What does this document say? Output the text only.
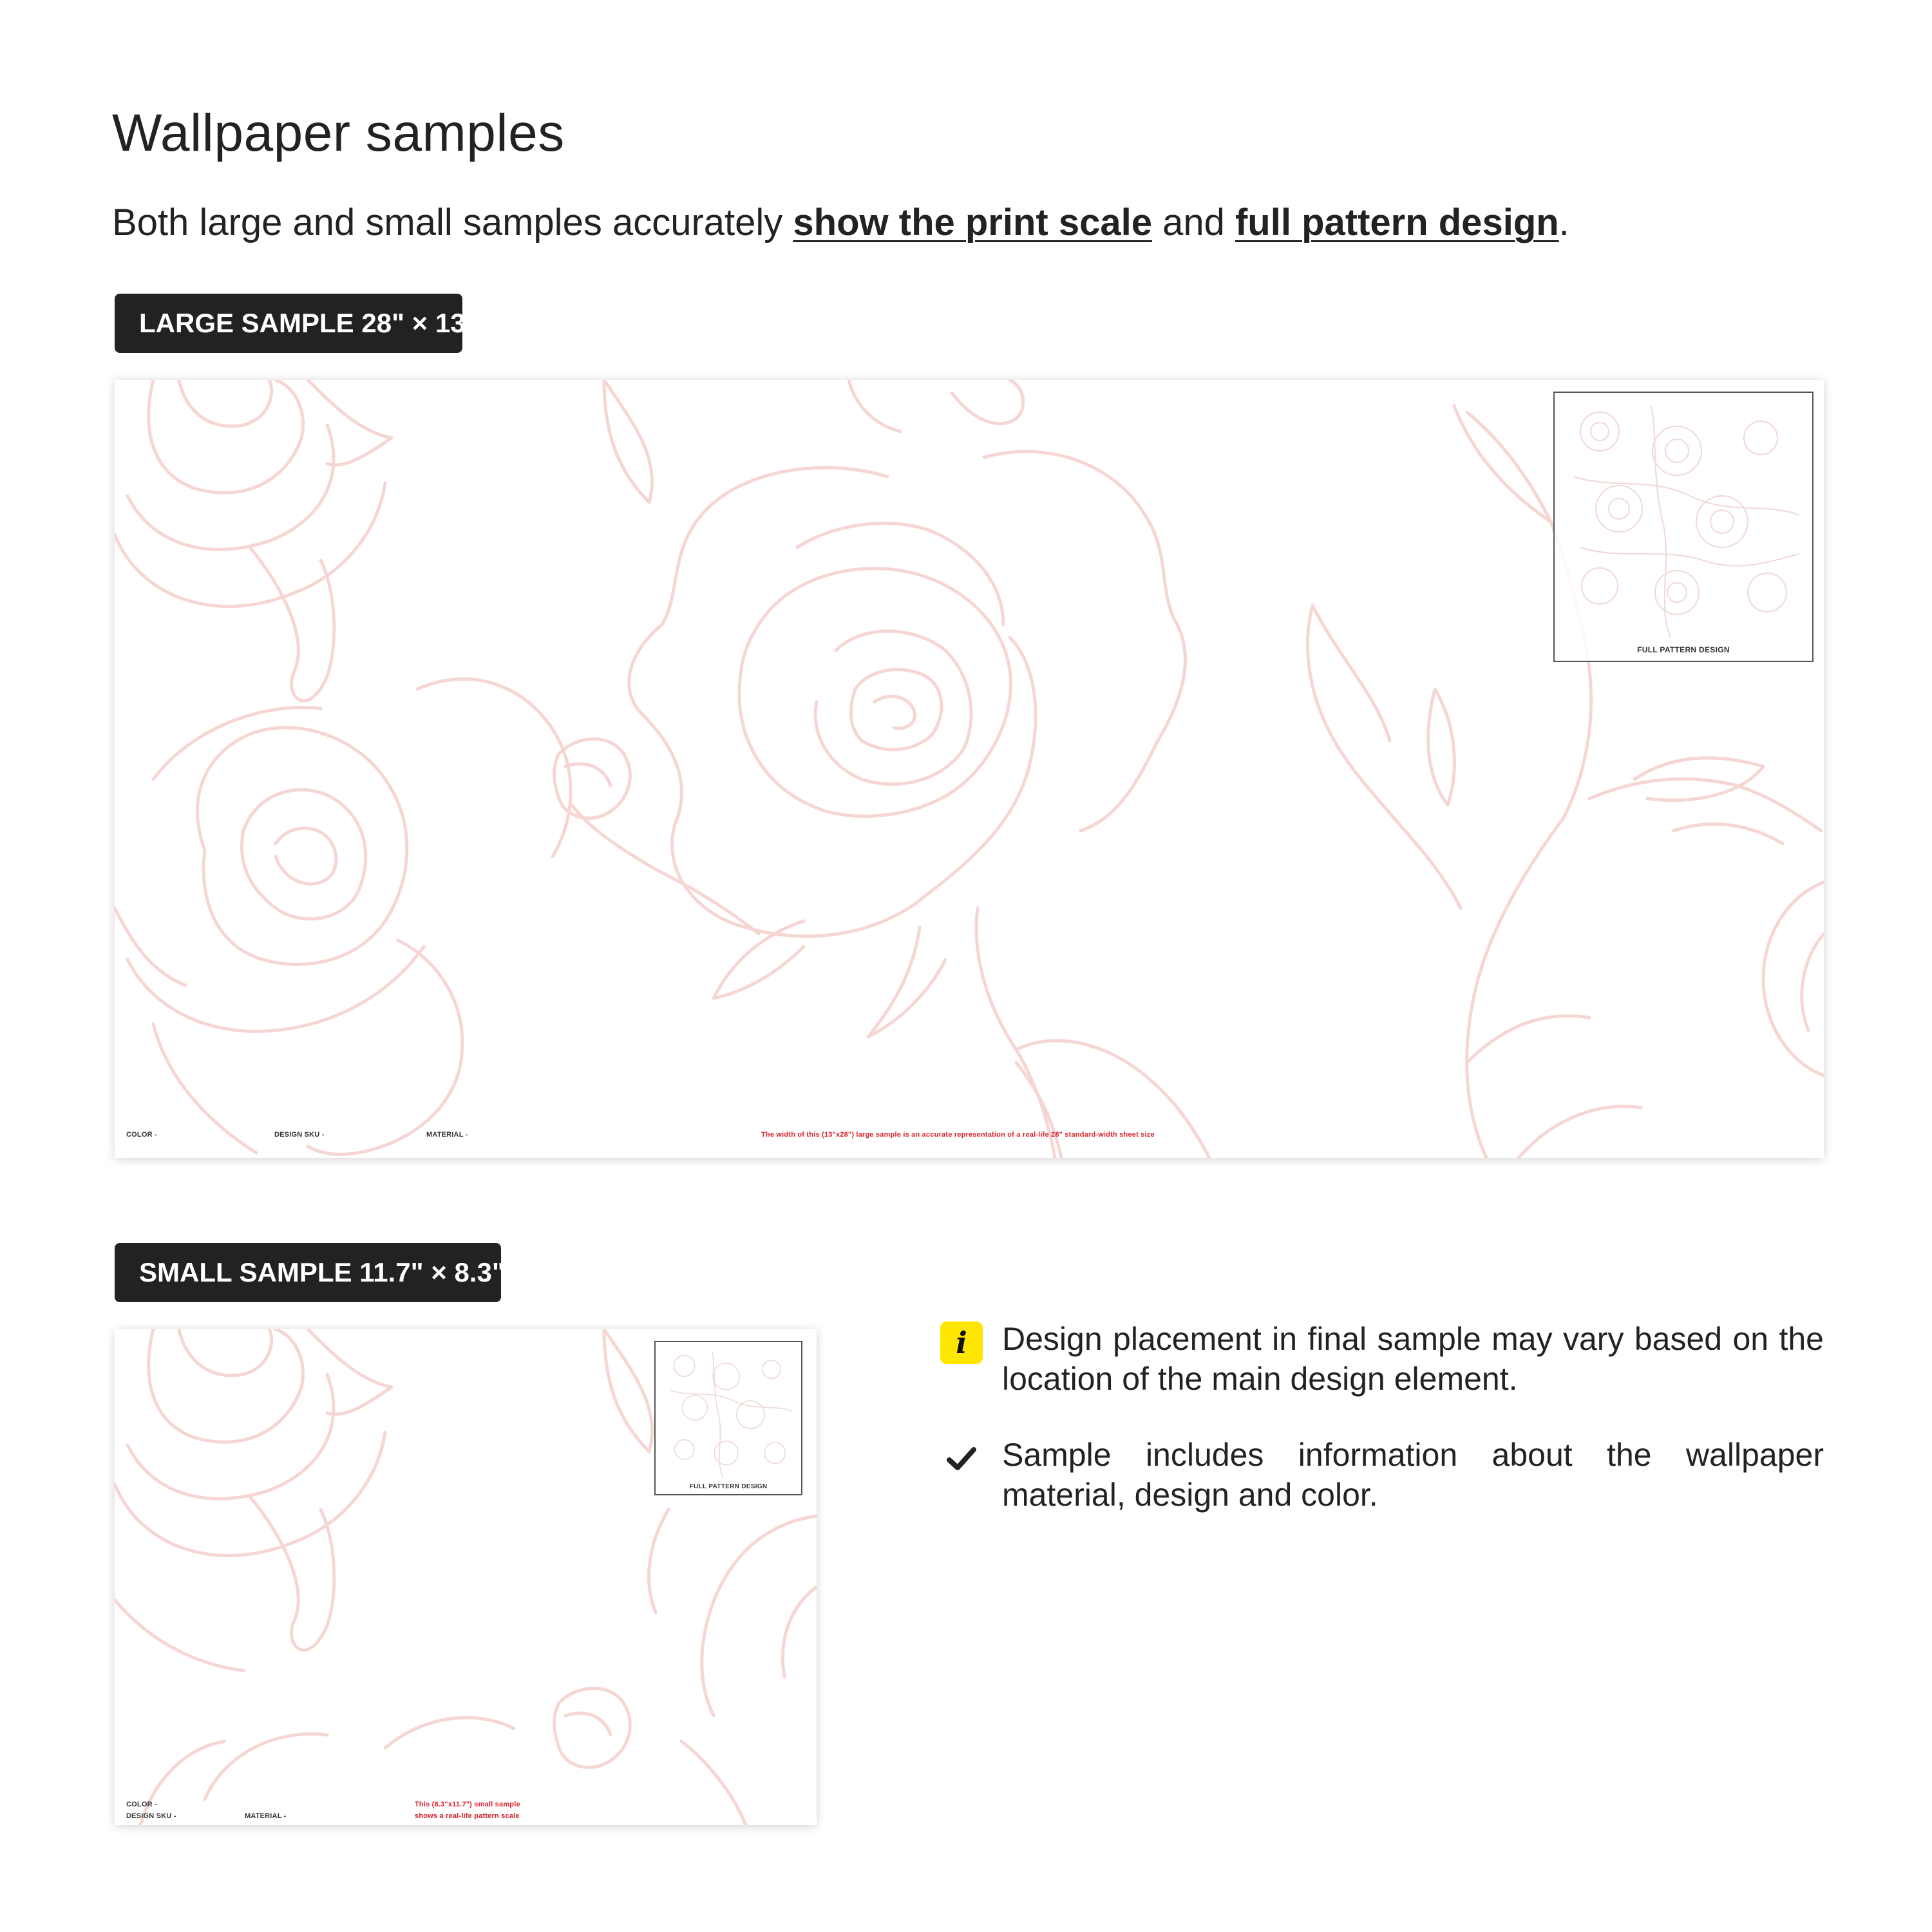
Wallpaper samples
Both large and small samples accurately show the print scale and full pattern design.
LARGE SAMPLE 28" × 13"
FULL PATTERN DESIGN
COLOR -	DESIGN SKU -	MATERIAL -	The width of this (13"x28") large sample is an accurate representation of a real-life 28" standard-width sheet size
SMALL SAMPLE 11.7" × 8.3"
FULL PATTERN DESIGN
COLOR -
DESIGN SKU -	MATERIAL -
This (8.3"x11.7") small sample
shows a real-life pattern scale
i	Design placement in final sample may vary based on the location of the main design element.
Sample includes information about the wallpaper material, design and color.
